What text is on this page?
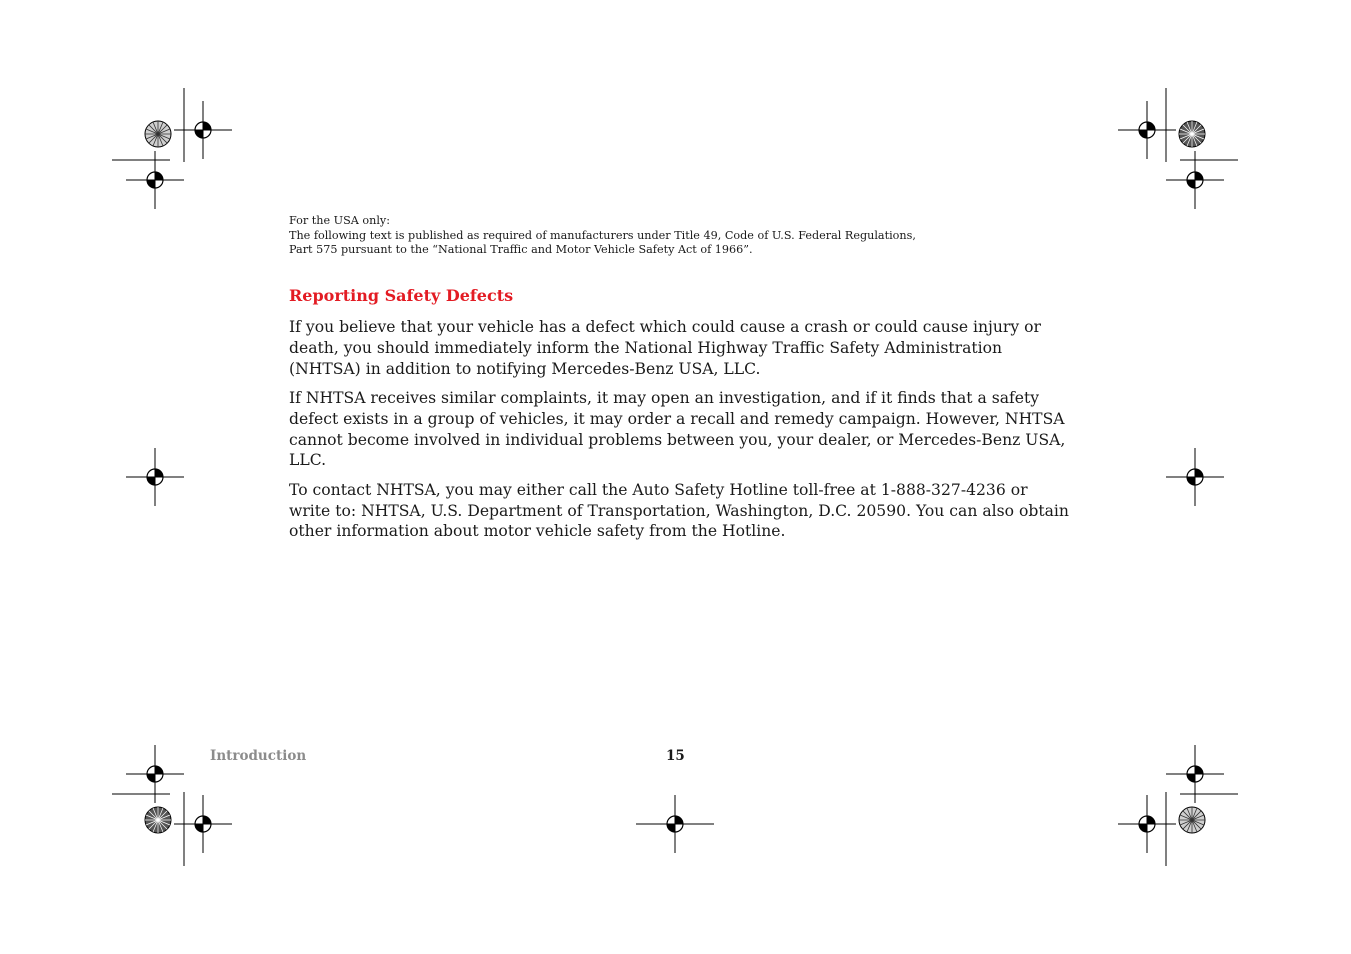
For the USA only:
The following text is published as required of manufacturers under Title 49, Code of U.S. Federal Regulations,
Part 575 pursuant to the “National Traffic and Motor Vehicle Safety Act of 1966”.
Reporting Safety Defects

If you believe that your vehicle has a defect which could cause a crash or could cause injury or death, you should immediately inform the National Highway Traffic Safety Administration (NHTSA) in addition to notifying Mercedes-Benz USA, LLC.

If NHTSA receives similar complaints, it may open an investigation, and if it finds that a safety defect exists in a group of vehicles, it may order a recall and remedy campaign. However, NHTSA cannot become involved in individual problems between you, your dealer, or Mercedes-Benz USA, LLC.

To contact NHTSA, you may either call the Auto Safety Hotline toll-free at 1-888-327-4236 or write to: NHTSA, U.S. Department of Transportation, Washington, D.C. 20590. You can also obtain other information about motor vehicle safety from the Hotline.

Introduction	15
